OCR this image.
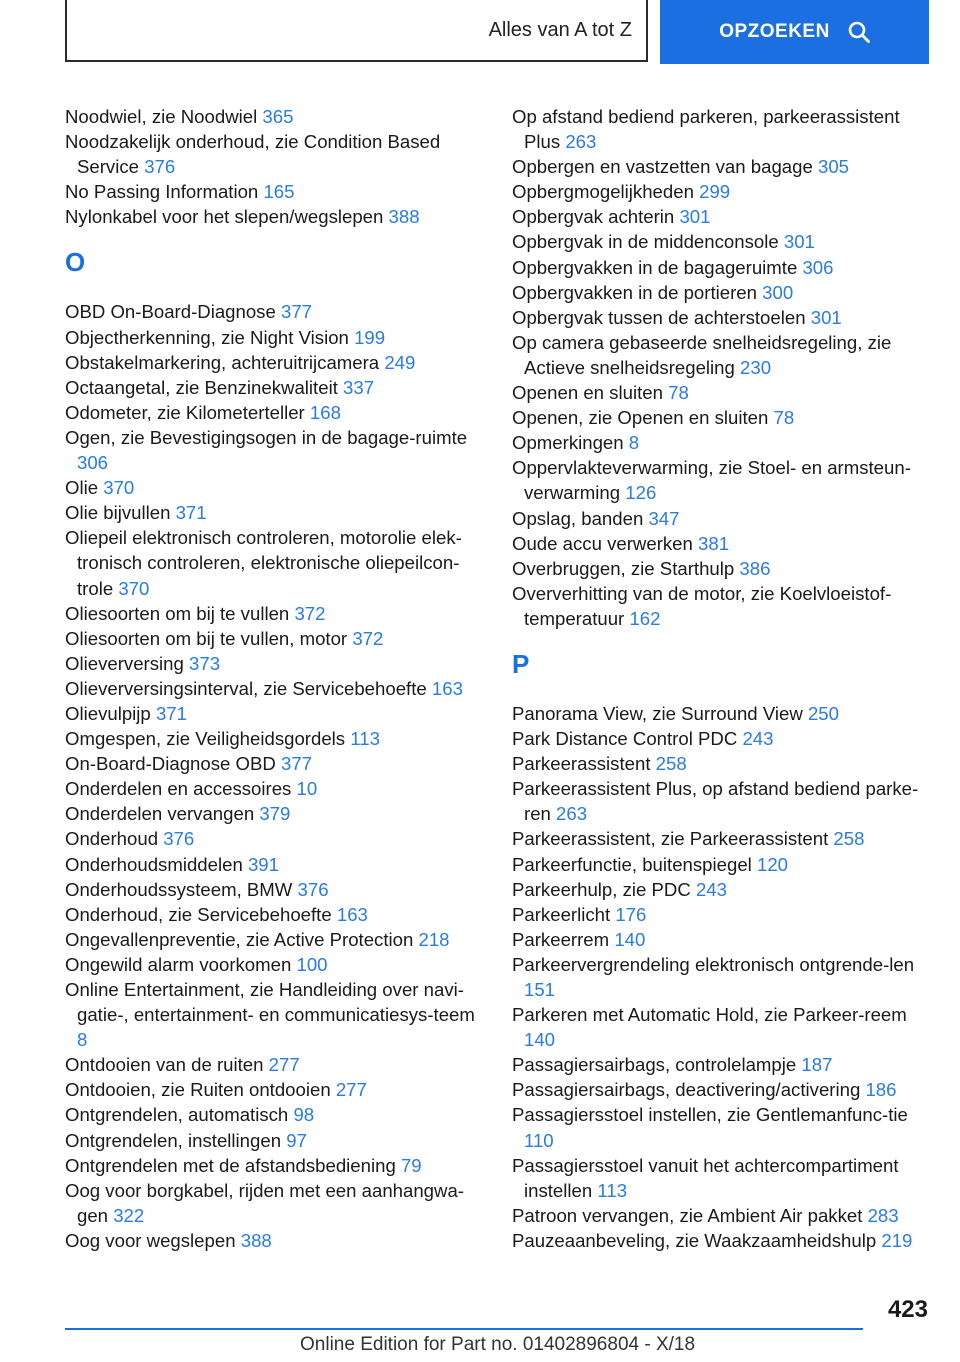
Alles van A tot Z	OPZOEKEN
Noodwiel, zie Noodwiel 365
Noodzakelijk onderhoud, zie Condition Based Service 376
No Passing Information 165
Nylonkabel voor het slepen/wegslepen 388
O
OBD On-Board-Diagnose 377
Objectherkenning, zie Night Vision 199
Obstakelmarkering, achteruitrijcamera 249
Octaangetal, zie Benzinekwaliteit 337
Odometer, zie Kilometerteller 168
Ogen, zie Bevestigingsogen in de bagage-ruimte 306
Olie 370
Olie bijvullen 371
Oliepeil elektronisch controleren, motorolie elek-tronisch controleren, elektronische oliepeilcon-trole 370
Oliesoorten om bij te vullen 372
Oliesoorten om bij te vullen, motor 372
Olieverversing 373
Olieverversingsinterval, zie Servicebehoefte 163
Olievulpijp 371
Omgespen, zie Veiligheidsgordels 113
On-Board-Diagnose OBD 377
Onderdelen en accessoires 10
Onderdelen vervangen 379
Onderhoud 376
Onderhoudsmiddelen 391
Onderhoudssysteem, BMW 376
Onderhoud, zie Servicebehoefte 163
Ongevallenpreventie, zie Active Protection 218
Ongewild alarm voorkomen 100
Online Entertainment, zie Handleiding over navi-gatie-, entertainment- en communicatiesys-teem 8
Ontdooien van de ruiten 277
Ontdooien, zie Ruiten ontdooien 277
Ontgrendelen, automatisch 98
Ontgrendelen, instellingen 97
Ontgrendelen met de afstandsbediening 79
Oog voor borgkabel, rijden met een aanhangwa-gen 322
Oog voor wegslepen 388
Op afstand bediend parkeren, parkeerassistent Plus 263
Opbergen en vastzetten van bagage 305
Opbergmogelijkheden 299
Opbergvak achterin 301
Opbergvak in de middenconsole 301
Opbergvakken in de bagageruimte 306
Opbergvakken in de portieren 300
Opbergvak tussen de achterstoelen 301
Op camera gebaseerde snelheidsregeling, zie Actieve snelheidsregeling 230
Openen en sluiten 78
Openen, zie Openen en sluiten 78
Opmerkingen 8
Oppervlakteverwarming, zie Stoel- en armsteun-verwarming 126
Opslag, banden 347
Oude accu verwerken 381
Overbruggen, zie Starthulp 386
Oververhitting van de motor, zie Koelvloeistof-temperatuur 162
P
Panorama View, zie Surround View 250
Park Distance Control PDC 243
Parkeerassistent 258
Parkeerassistent Plus, op afstand bediend parke-ren 263
Parkeerassistent, zie Parkeerassistent 258
Parkeerfunctie, buitenspiegel 120
Parkeerhulp, zie PDC 243
Parkeerlicht 176
Parkeerrem 140
Parkeervergrendeling elektronisch ontgrende-len 151
Parkeren met Automatic Hold, zie Parkeer-reem 140
Passagiersairbags, controlelampje 187
Passagiersairbags, deactivering/activering 186
Passagiersstoel instellen, zie Gentlemanfunc-tie 110
Passagiersstoel vanuit het achtercompartiment instellen 113
Patroon vervangen, zie Ambient Air pakket 283
Pauzeaanbeveling, zie Waakzaamheidshulp 219
423
Online Edition for Part no. 01402896804 - X/18
